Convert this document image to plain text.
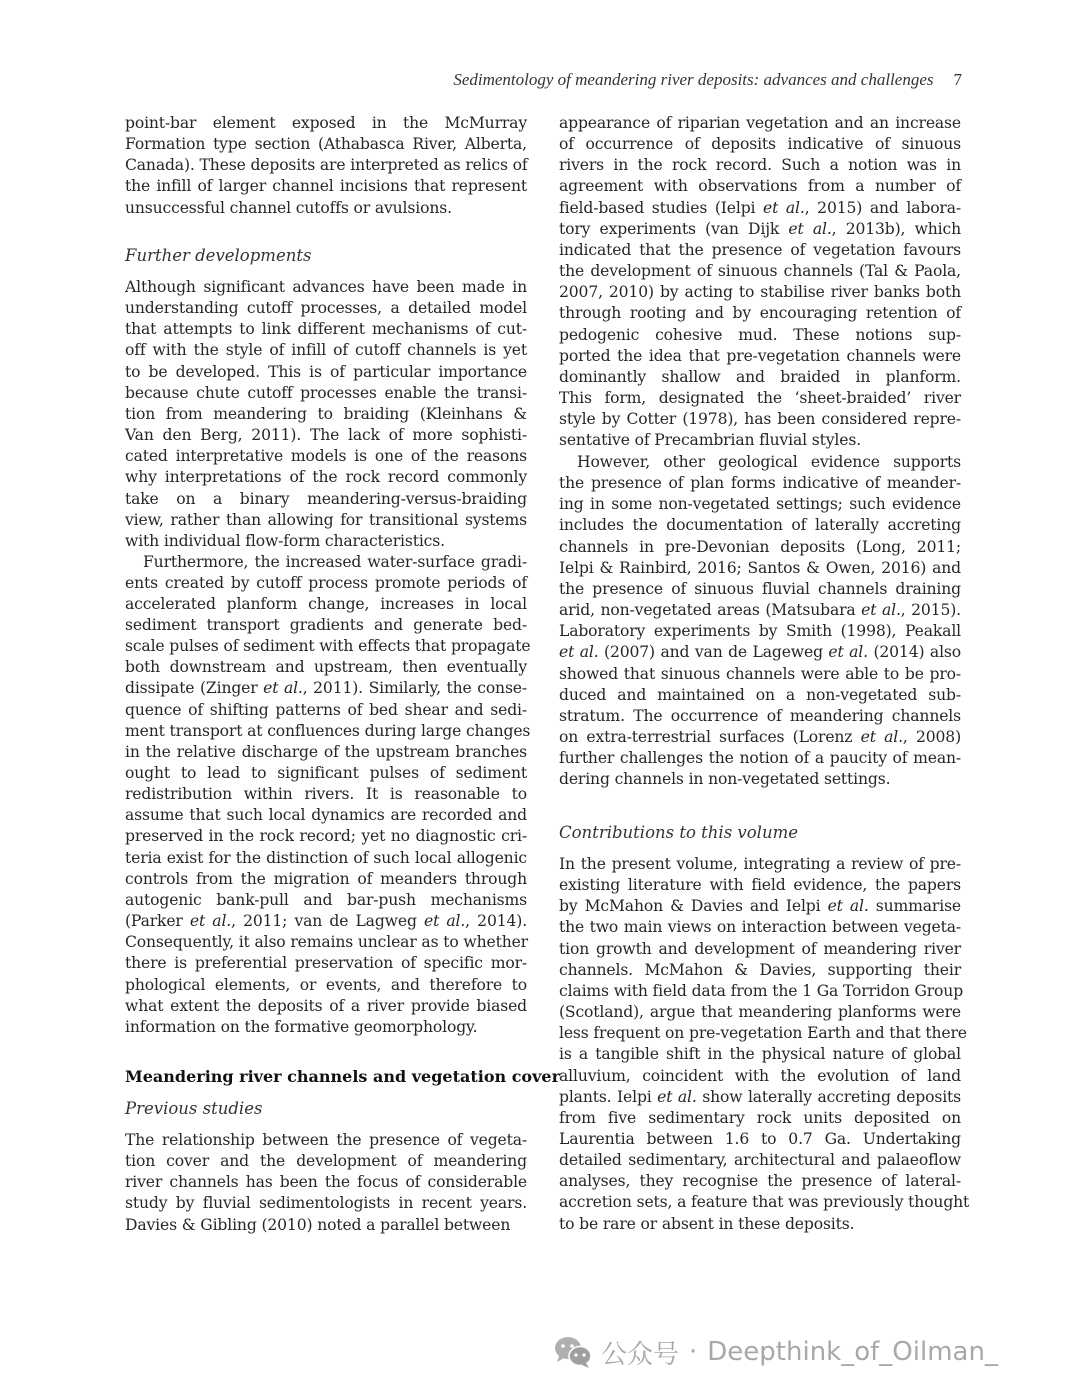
Sedimentology of meandering river deposits: advances and challenges 7
point-bar element exposed in the McMurray
Formation type section (Athabasca River, Alberta,
Canada). These deposits are interpreted as relics of
the infill of larger channel incisions that represent
unsuccessful channel cutoffs or avulsions.
Further developments
Although significant advances have been made in
understanding cutoff processes, a detailed model
that attempts to link different mechanisms of cut-
off with the style of infill of cutoff channels is yet
to be developed. This is of particular importance
because chute cutoff processes enable the transi-
tion from meandering to braiding (Kleinhans &
Van den Berg, 2011). The lack of more sophisti-
cated interpretative models is one of the reasons
why interpretations of the rock record commonly
take on a binary meandering-versus-braiding
view, rather than allowing for transitional systems
with individual flow-form characteristics.
Furthermore, the increased water-surface gradi-
ents created by cutoff process promote periods of
accelerated planform change, increases in local
sediment transport gradients and generate bed-
scale pulses of sediment with effects that propagate
both downstream and upstream, then eventually
dissipate (Zinger et al., 2011). Similarly, the conse-
quence of shifting patterns of bed shear and sedi-
ment transport at confluences during large changes
in the relative discharge of the upstream branches
ought to lead to significant pulses of sediment
redistribution within rivers. It is reasonable to
assume that such local dynamics are recorded and
preserved in the rock record; yet no diagnostic cri-
teria exist for the distinction of such local allogenic
controls from the migration of meanders through
autogenic bank-pull and bar-push mechanisms
(Parker et al., 2011; van de Lagweg et al., 2014).
Consequently, it also remains unclear as to whether
there is preferential preservation of specific mor-
phological elements, or events, and therefore to
what extent the deposits of a river provide biased
information on the formative geomorphology.
Meandering river channels and vegetation cover
Previous studies
The relationship between the presence of vegeta-
tion cover and the development of meandering
river channels has been the focus of considerable
study by fluvial sedimentologists in recent years.
Davies & Gibling (2010) noted a parallel between
appearance of riparian vegetation and an increase
of occurrence of deposits indicative of sinuous
rivers in the rock record. Such a notion was in
agreement with observations from a number of
field-based studies (Ielpi et al., 2015) and labora-
tory experiments (van Dijk et al., 2013b), which
indicated that the presence of vegetation favours
the development of sinuous channels (Tal & Paola,
2007, 2010) by acting to stabilise river banks both
through rooting and by encouraging retention of
pedogenic cohesive mud. These notions sup-
ported the idea that pre-vegetation channels were
dominantly shallow and braided in planform.
This form, designated the ‘sheet-braided’ river
style by Cotter (1978), has been considered repre-
sentative of Precambrian fluvial styles.
However, other geological evidence supports
the presence of plan forms indicative of meander-
ing in some non-vegetated settings; such evidence
includes the documentation of laterally accreting
channels in pre-Devonian deposits (Long, 2011;
Ielpi & Rainbird, 2016; Santos & Owen, 2016) and
the presence of sinuous fluvial channels draining
arid, non-vegetated areas (Matsubara et al., 2015).
Laboratory experiments by Smith (1998), Peakall
et al. (2007) and van de Lageweg et al. (2014) also
showed that sinuous channels were able to be pro-
duced and maintained on a non-vegetated sub-
stratum. The occurrence of meandering channels
on extra-terrestrial surfaces (Lorenz et al., 2008)
further challenges the notion of a paucity of mean-
dering channels in non-vegetated settings.
Contributions to this volume
In the present volume, integrating a review of pre-
existing literature with field evidence, the papers
by McMahon & Davies and Ielpi et al. summarise
the two main views on interaction between vegeta-
tion growth and development of meandering river
channels. McMahon & Davies, supporting their
claims with field data from the 1 Ga Torridon Group
(Scotland), argue that meandering planforms were
less frequent on pre-vegetation Earth and that there
is a tangible shift in the physical nature of global
alluvium, coincident with the evolution of land
plants. Ielpi et al. show laterally accreting deposits
from five sedimentary rock units deposited on
Laurentia between 1.6 to 0.7 Ga. Undertaking
detailed sedimentary, architectural and palaeoflow
analyses, they recognise the presence of lateral-
accretion sets, a feature that was previously thought
to be rare or absent in these deposits.
公众号 · Deepthink_of_Oilman_
